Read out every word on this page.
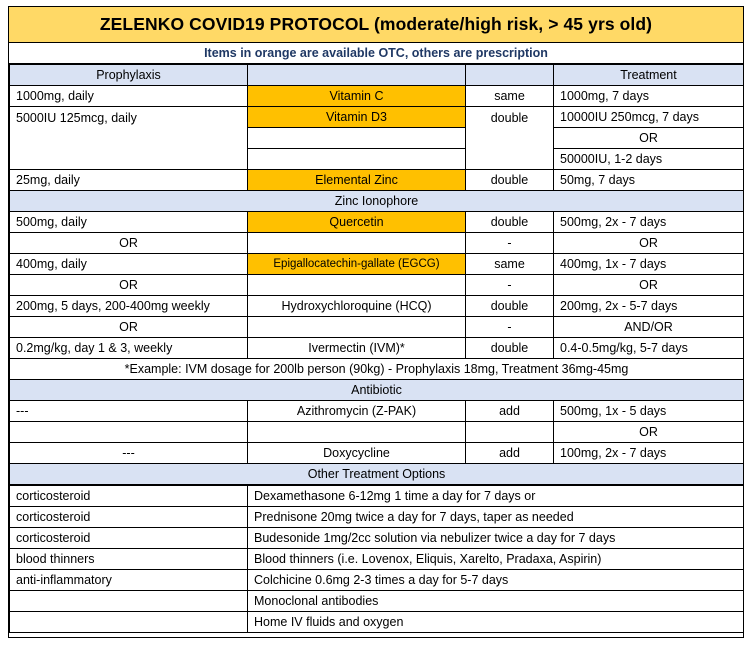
ZELENKO COVID19 PROTOCOL (moderate/high risk, > 45 yrs old)
Items in orange are available OTC, others are prescription
Prophylaxis			Treatment
1000mg, daily	Vitamin C	same	1000mg, 7 days
5000IU 125mcg, daily	Vitamin D3	double	10000IU 250mcg, 7 days
			OR
			50000IU, 1-2 days
25mg, daily	Elemental Zinc	double	50mg, 7 days
Zinc Ionophore			
500mg, daily	Quercetin	double	500mg, 2x - 7 days
OR		-	OR
400mg, daily	Epigallocatechin-gallate (EGCG)	same	400mg, 1x - 7 days
OR		-	OR
200mg, 5 days, 200-400mg weekly	Hydroxychloroquine (HCQ)	double	200mg, 2x - 5-7 days
OR		-	AND/OR
0.2mg/kg, day 1 & 3, weekly	Ivermectin (IVM)*	double	0.4-0.5mg/kg, 5-7 days
*Example: IVM dosage for 200lb person (90kg) - Prophylaxis 18mg, Treatment 36mg-45mg			
Antibiotic			
---	Azithromycin (Z-PAK)	add	500mg, 1x - 5 days
			OR
---	Doxycycline	add	100mg, 2x - 7 days
Other Treatment Options			
corticosteroid	Dexamethasone 6-12mg 1 time a day for 7 days or
corticosteroid	Prednisone 20mg twice a day for 7 days, taper as needed
corticosteroid	Budesonide 1mg/2cc solution via nebulizer twice a day for 7 days
blood thinners	Blood thinners (i.e. Lovenox, Eliquis, Xarelto, Pradaxa, Aspirin)
anti-inflammatory	Colchicine 0.6mg 2-3 times a day for 5-7 days
	Monoclonal antibodies
	Home IV fluids and oxygen
